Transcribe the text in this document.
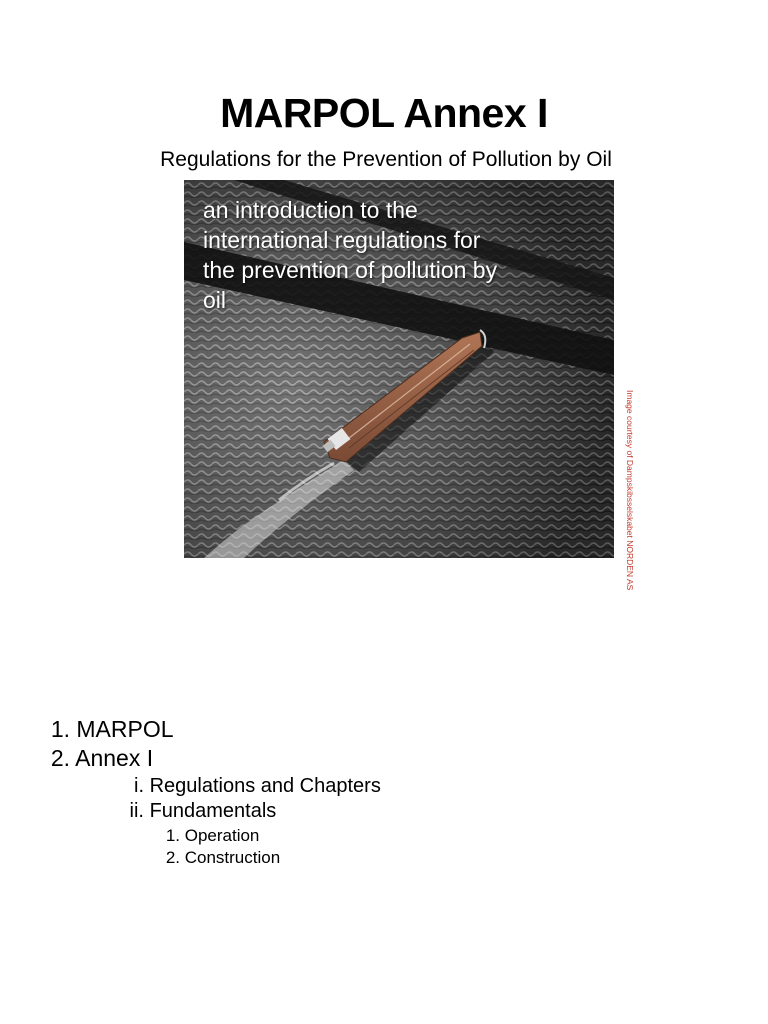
MARPOL Annex I

Regulations for the Prevention of Pollution by Oil

an introduction to the international regulations for the prevention of pollution by oil
Image courtesy of Dampskibsselskabet NORDEN AS
1. MARPOL
2. Annex I
i. Regulations and Chapters
ii. Fundamentals
1. Operation
2. Construction
